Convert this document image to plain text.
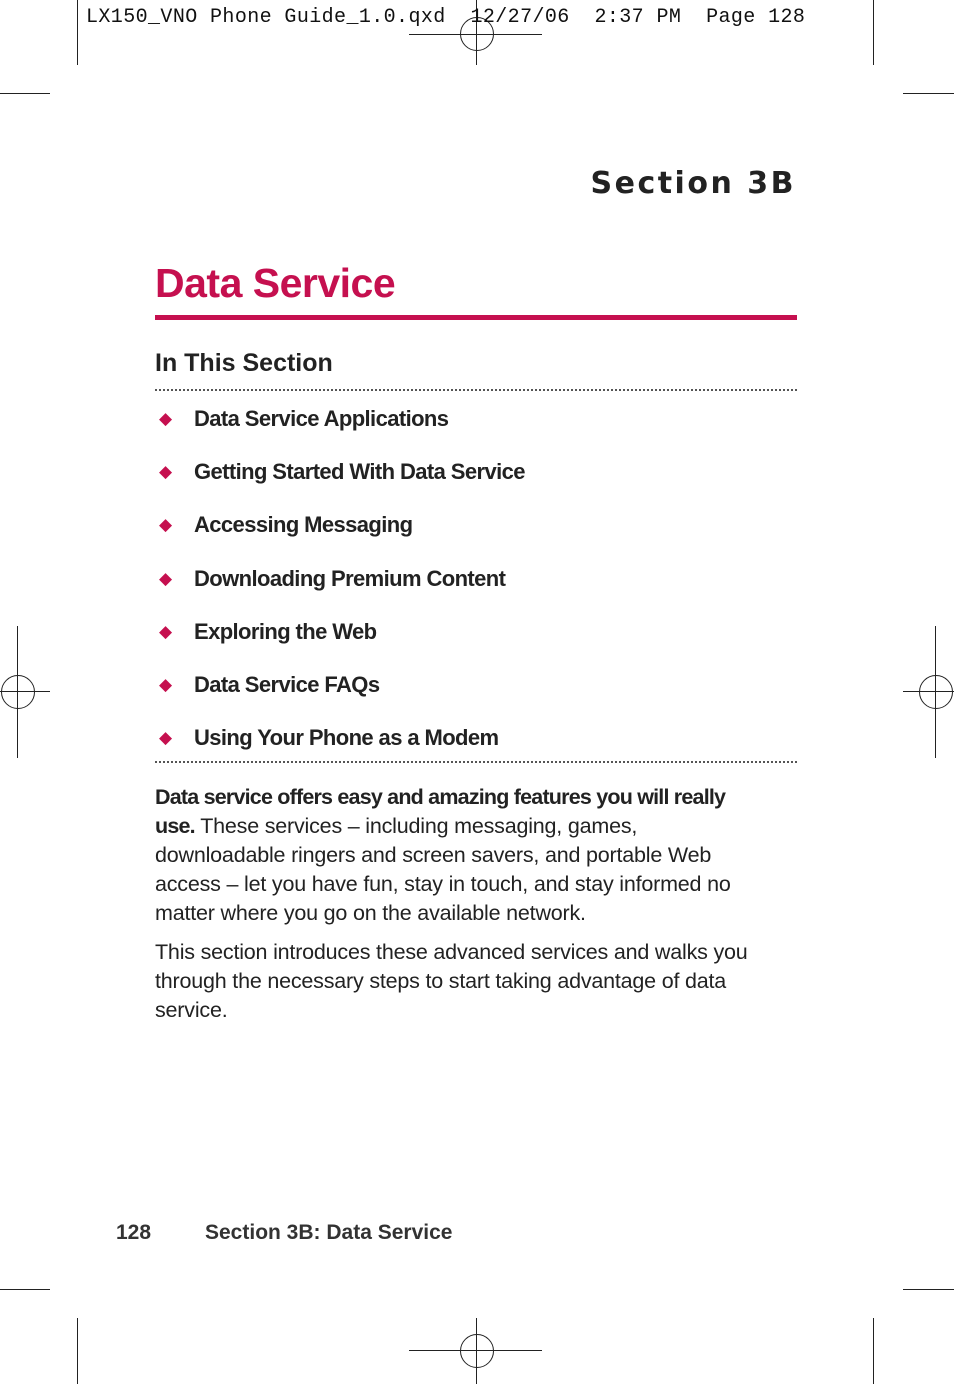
LX150_VNO Phone Guide_1.0.qxd  12/27/06  2:37 PM  Page 128
Section 3B
Data Service
In This Section
◆ Data Service Applications
◆ Getting Started With Data Service
◆ Accessing Messaging
◆ Downloading Premium Content
◆ Exploring the Web
◆ Data Service FAQs
◆ Using Your Phone as a Modem

Data service offers easy and amazing features you will really use. These services – including messaging, games, downloadable ringers and screen savers, and portable Web access – let you have fun, stay in touch, and stay informed no matter where you go on the available network.

This section introduces these advanced services and walks you through the necessary steps to start taking advantage of data service.

128	Section 3B: Data Service
